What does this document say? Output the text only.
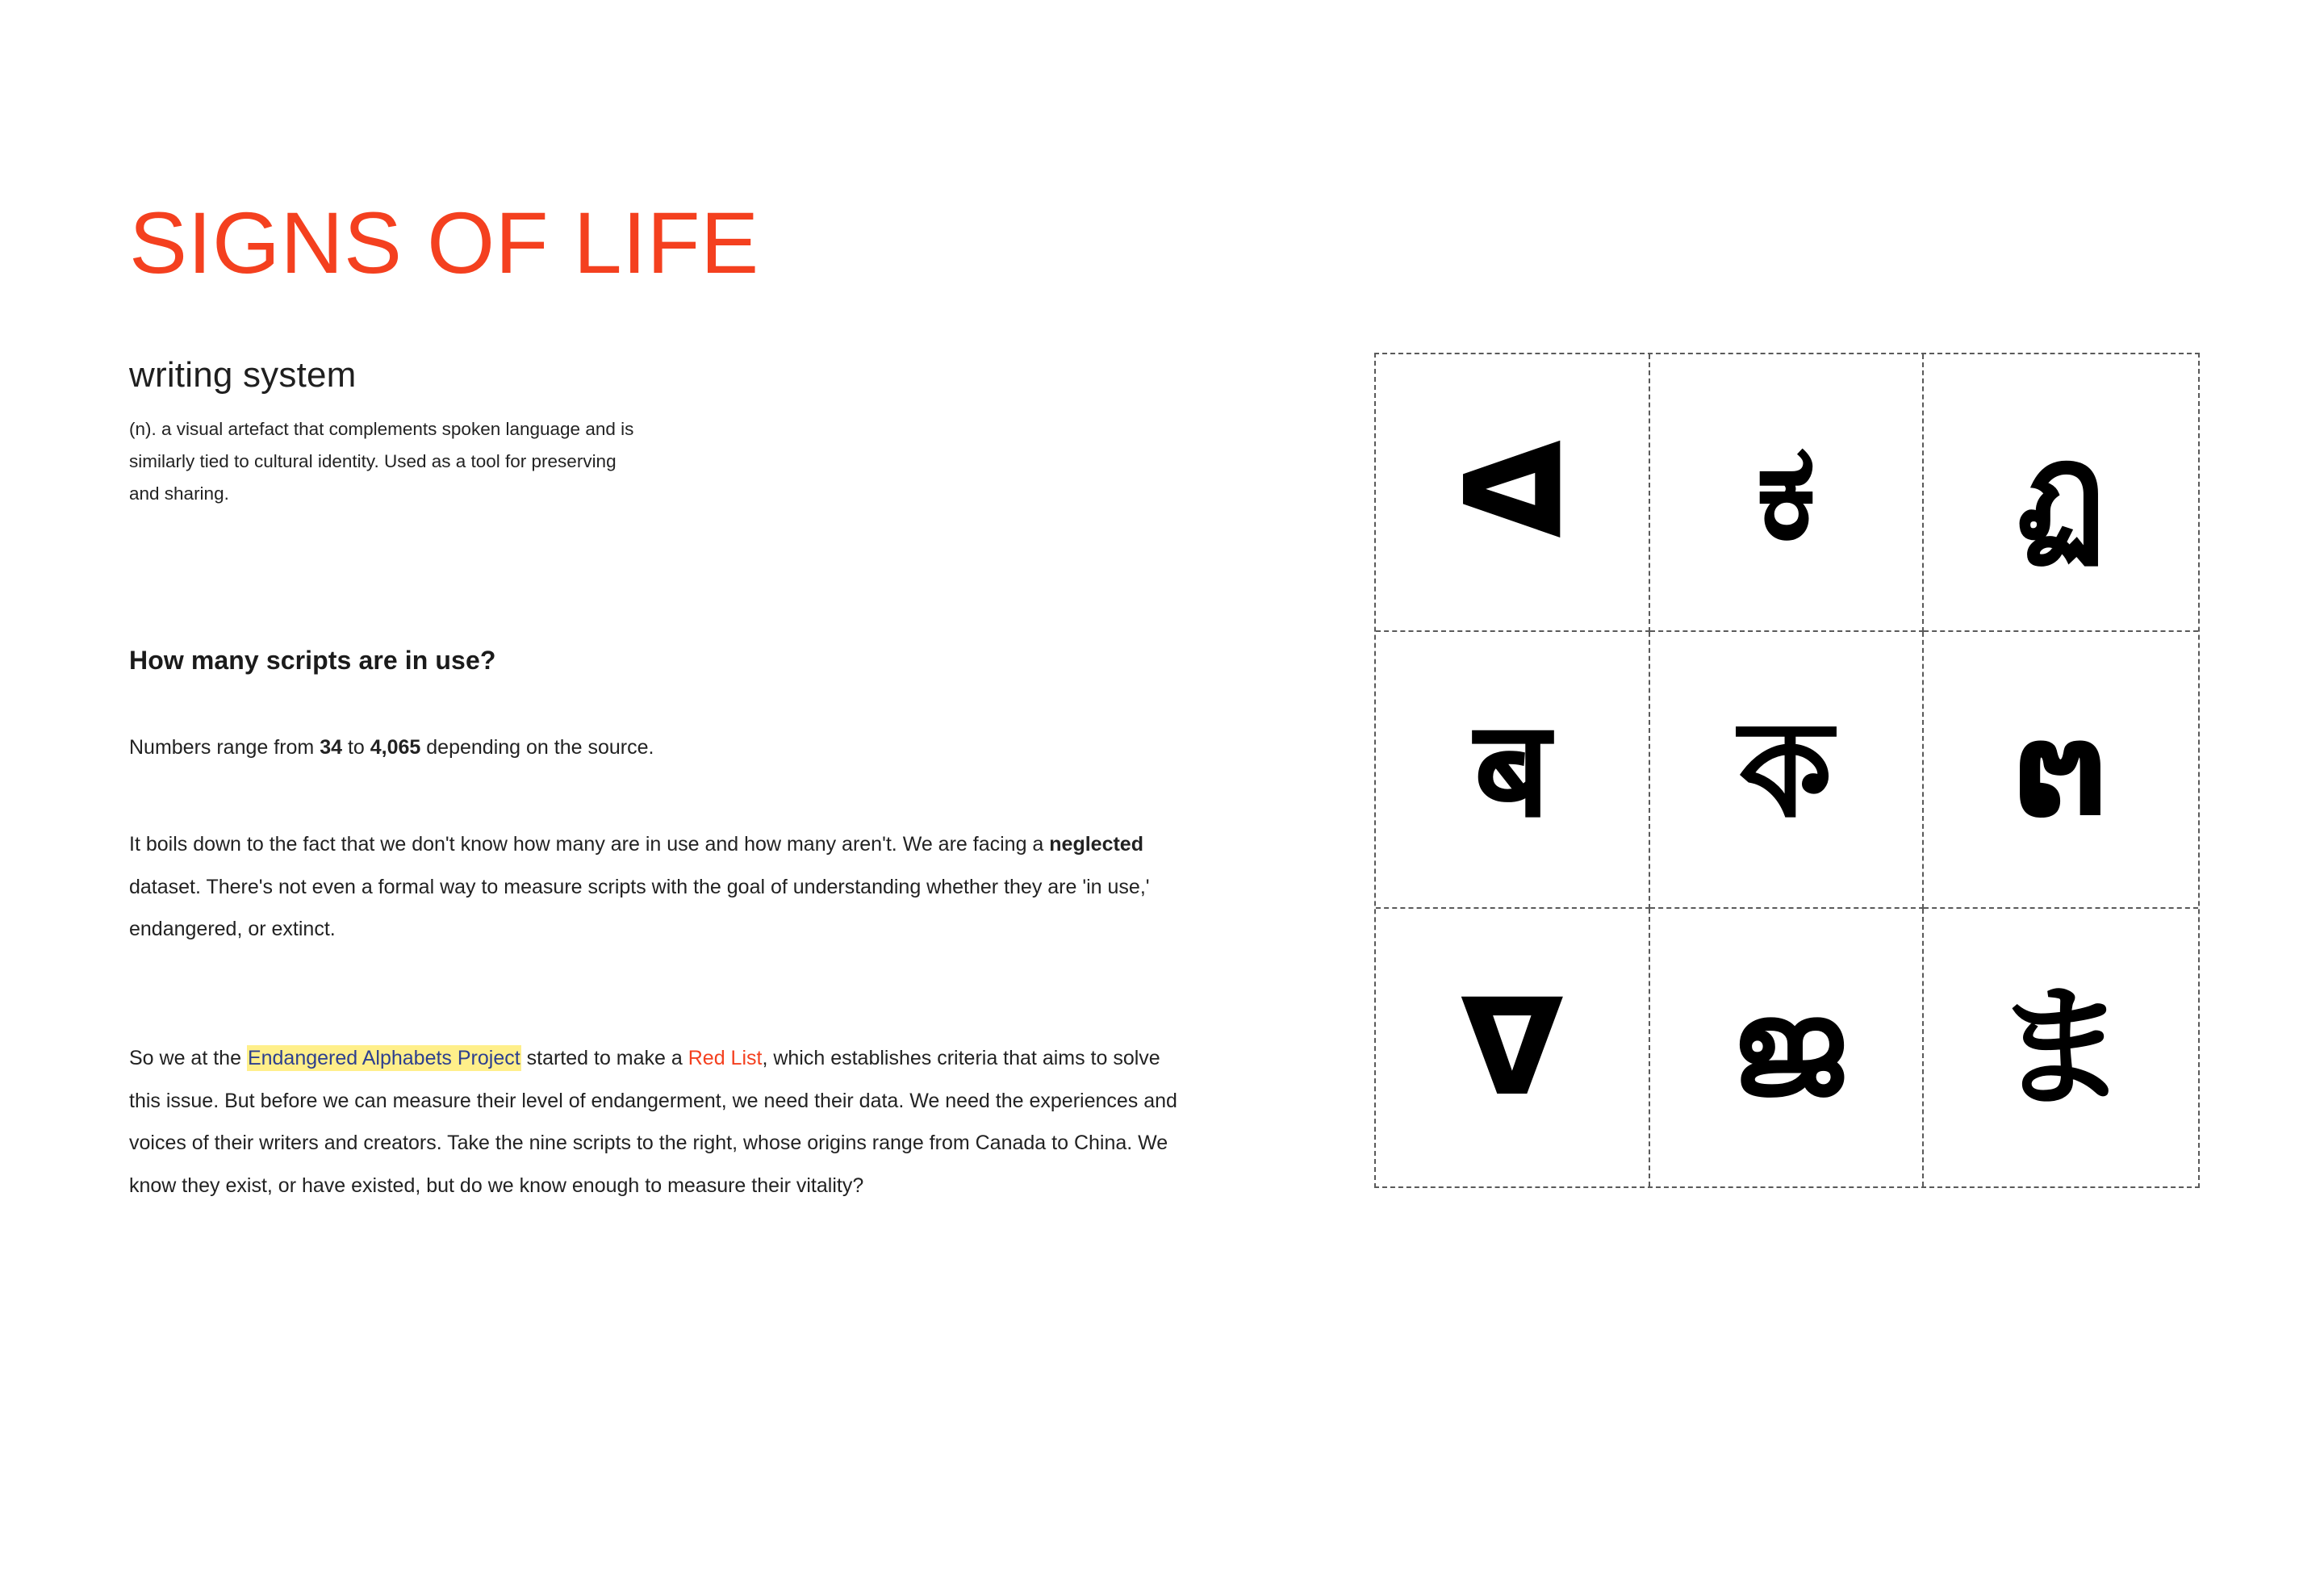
SIGNS OF LIFE
writing system

(n). a visual artefact that complements spoken language and is similarly tied to cultural identity. Used as a tool for preserving and sharing.

How many scripts are in use?

Numbers range from 34 to 4,065 depending on the source.

It boils down to the fact that we don't know how many are in use and how many aren't. We are facing a neglected dataset. There's not even a formal way to measure scripts with the goal of understanding whether they are 'in use,' endangered, or extinct.

So we at the Endangered Alphabets Project started to make a Red List, which establishes criteria that aims to solve this issue. But before we can measure their level of endangerment, we need their data. We need the experiences and voices of their writers and creators. Take the nine scripts to the right, whose origins range from Canada to China. We know they exist, or have existed, but do we know enough to measure their vitality?

ᐊ ಕ ฏ
ब ক ຕ
ᐁ ജ ま
